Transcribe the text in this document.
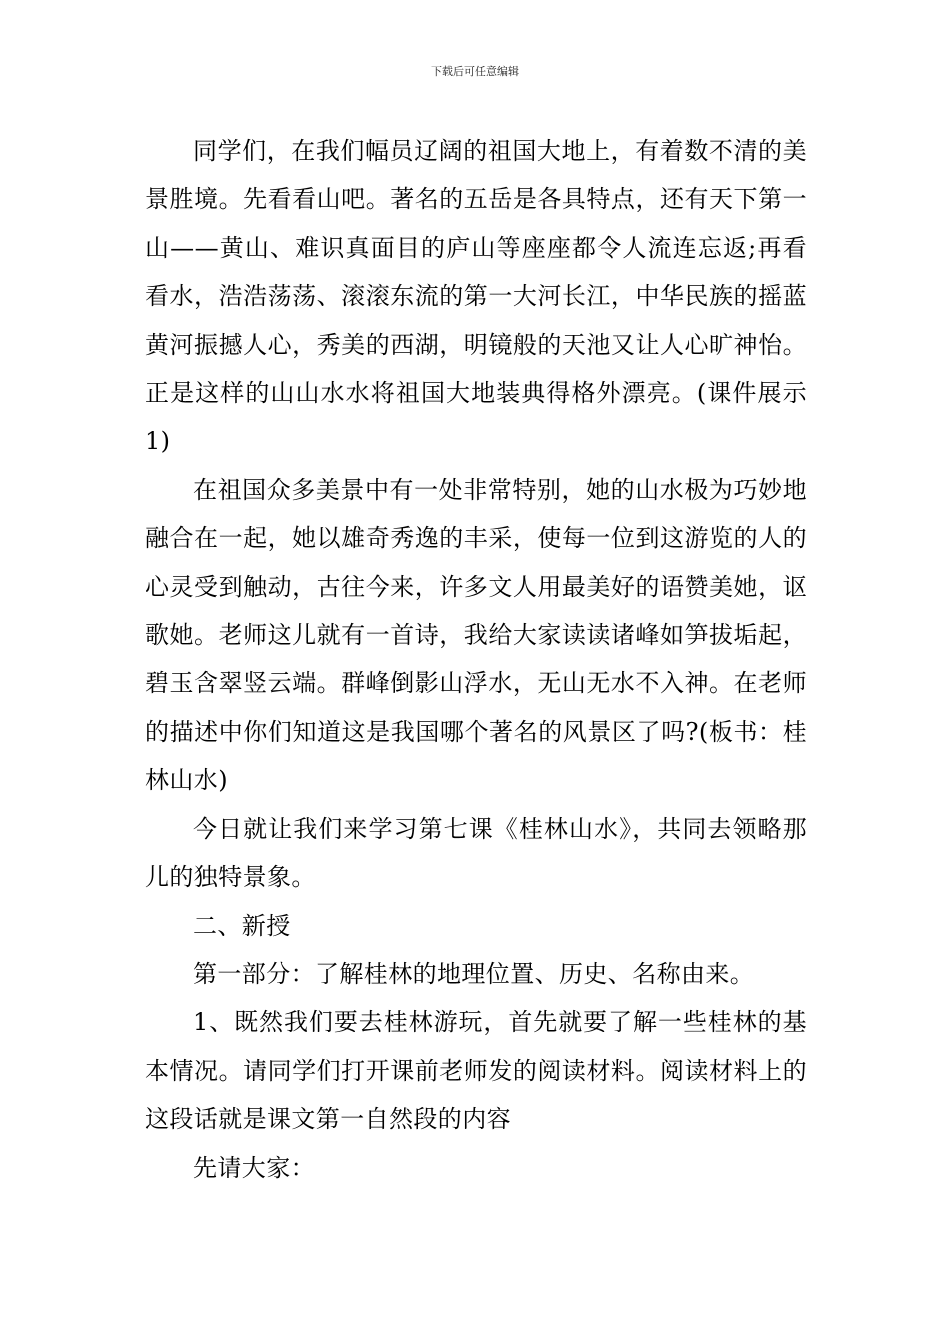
下载后可任意编辑

同学们，在我们幅员辽阔的祖国大地上，有着数不清的美景胜境。先看看山吧。著名的五岳是各具特点，还有天下第一山——黄山、难识真面目的庐山等座座都令人流连忘返;再看看水，浩浩荡荡、滚滚东流的第一大河长江，中华民族的摇蓝黄河振撼人心，秀美的西湖，明镜般的天池又让人心旷神怡。正是这样的山山水水将祖国大地装典得格外漂亮。(课件展示1)

在祖国众多美景中有一处非常特别，她的山水极为巧妙地融合在一起，她以雄奇秀逸的丰采，使每一位到这游览的人的心灵受到触动，古往今来，许多文人用最美好的语赞美她，讴歌她。老师这儿就有一首诗，我给大家读读诸峰如笋拔垢起，碧玉含翠竖云端。群峰倒影山浮水，无山无水不入神。在老师的描述中你们知道这是我国哪个著名的风景区了吗?(板书：桂林山水)

今日就让我们来学习第七课《桂林山水》，共同去领略那儿的独特景象。

二、新授

第一部分：了解桂林的地理位置、历史、名称由来。

1、既然我们要去桂林游玩，首先就要了解一些桂林的基本情况。请同学们打开课前老师发的阅读材料。阅读材料上的这段话就是课文第一自然段的内容

先请大家：
